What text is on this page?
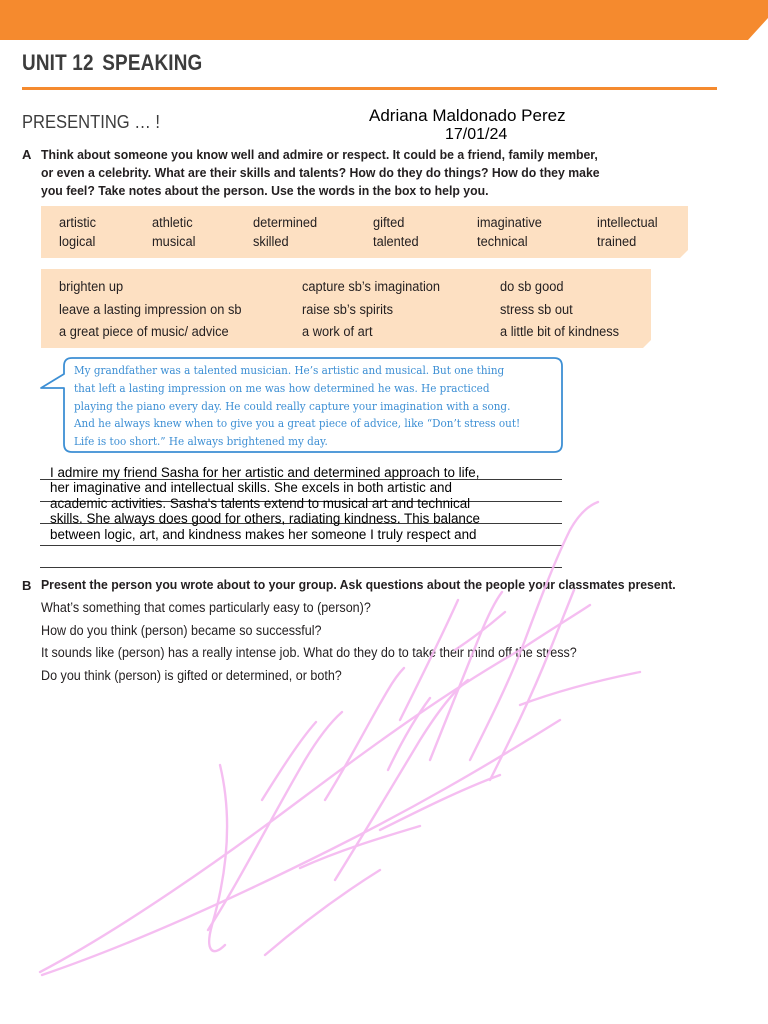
UNIT 12 SPEAKING
PRESENTING … !	Adriana Maldonado Perez
17/01/24
A Think about someone you know well and admire or respect. It could be a friend, family member,
or even a celebrity. What are their skills and talents? How do they do things? How do they make
you feel? Take notes about the person. Use the words in the box to help you.
artistic
logical
athletic
musical
determined
skilled
gifted
talented
imaginative
technical
intellectual
trained
brighten up
leave a lasting impression on sb
a great piece of music/ advice
capture sb’s imagination
raise sb’s spirits
a work of art
do sb good
stress sb out
a little bit of kindness
My grandfather was a talented musician. He’s artistic and musical. But one thing
that left a lasting impression on me was how determined he was. He practiced
playing the piano every day. He could really capture your imagination with a song.
And he always knew when to give you a great piece of advice, like “Don’t stress out!
Life is too short.” He always brightened my day.
I admire my friend Sasha for her artistic and determined approach to life,
her imaginative and intellectual skills. She excels in both artistic and
academic activities. Sasha's talents extend to musical art and technical
skills. She always does good for others, radiating kindness. This balance
between logic, art, and kindness makes her someone I truly respect and
B Present the person you wrote about to your group. Ask questions about the people your classmates present.
What’s something that comes particularly easy to (person)?
How do you think (person) became so successful?
It sounds like (person) has a really intense job. What do they do to take their mind off the stress?
Do you think (person) is gifted or determined, or both?
